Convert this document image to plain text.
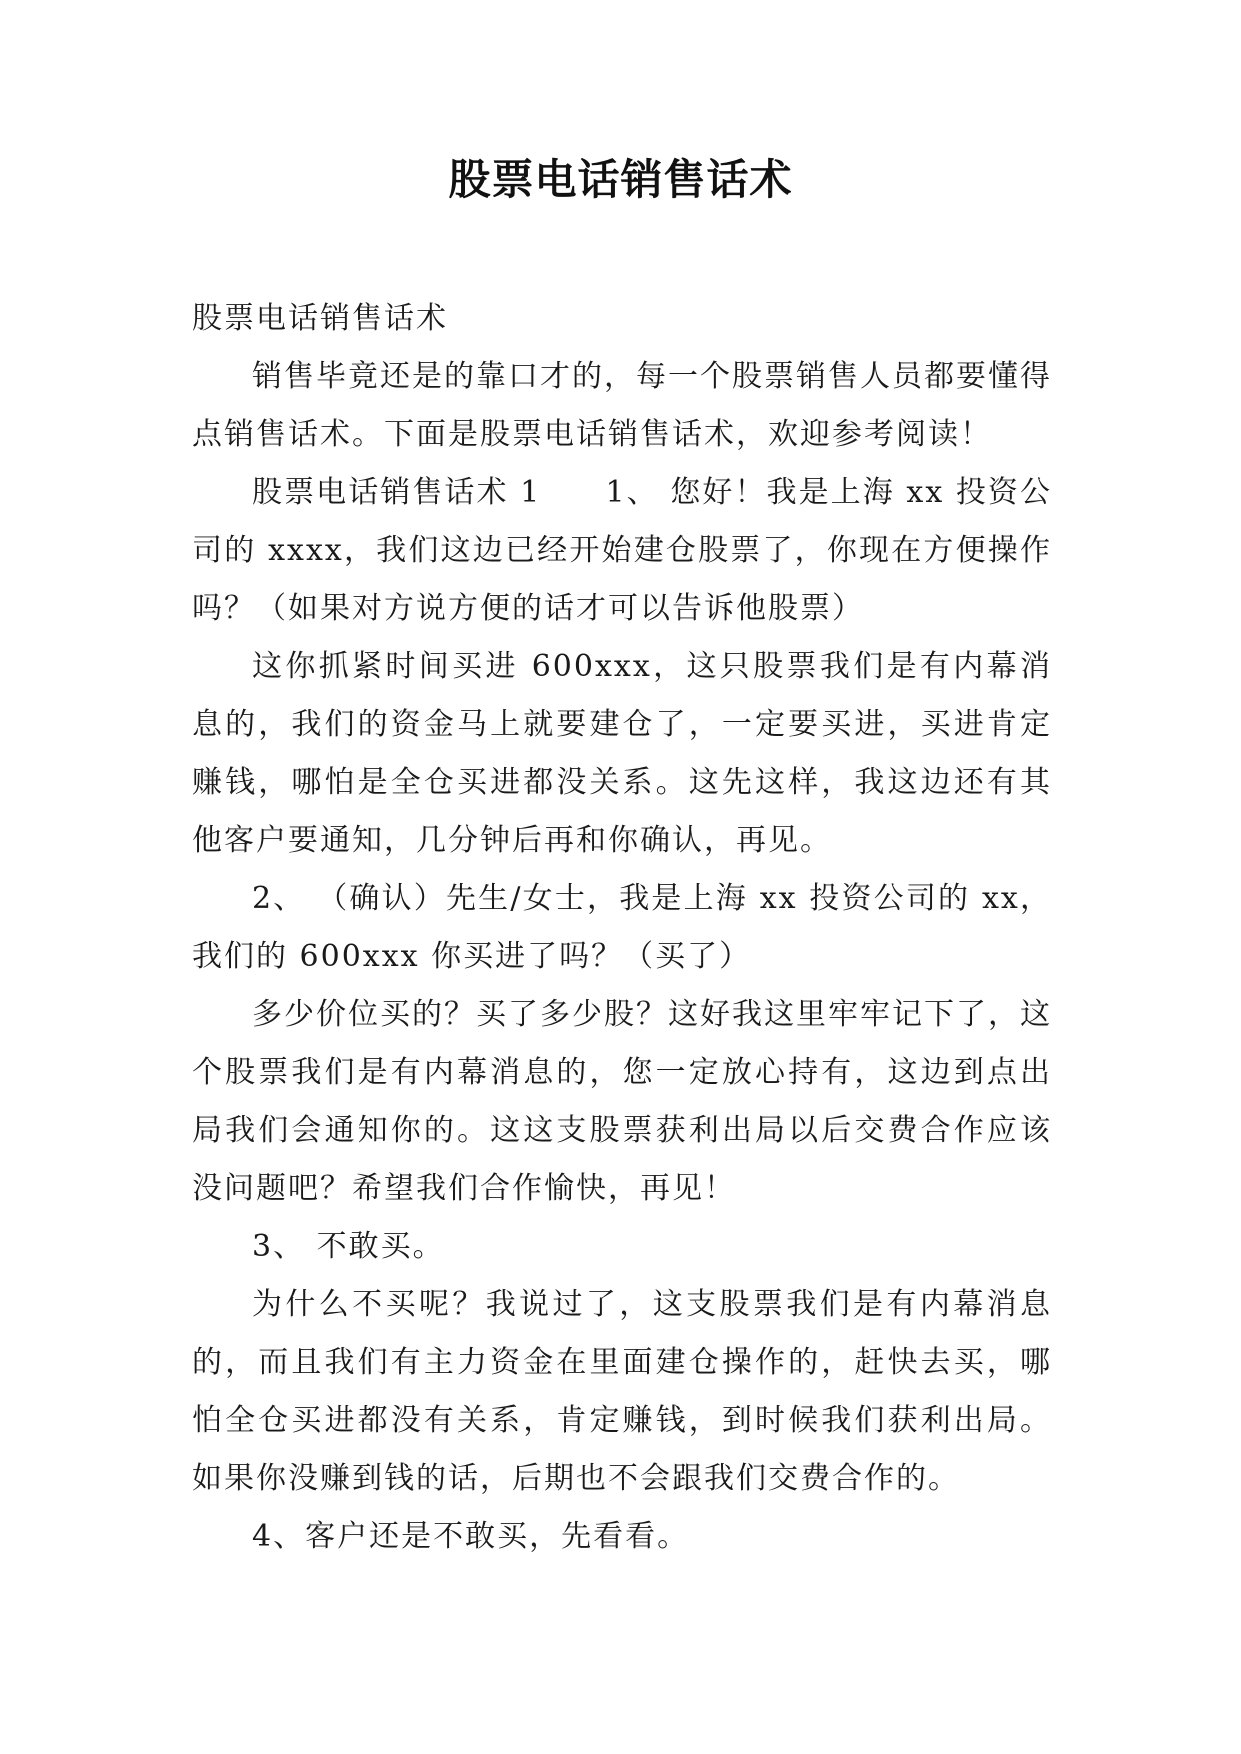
股票电话销售话术

股票电话销售话术

销售毕竟还是的靠口才的，每一个股票销售人员都要懂得点销售话术。下面是股票电话销售话术，欢迎参考阅读！

股票电话销售话术 1　　1、 您好！我是上海 xx 投资公司的 xxxx，我们这边已经开始建仓股票了，你现在方便操作吗？（如果对方说方便的话才可以告诉他股票）

这你抓紧时间买进 600xxx，这只股票我们是有内幕消息的，我们的资金马上就要建仓了，一定要买进，买进肯定赚钱，哪怕是全仓买进都没关系。这先这样，我这边还有其他客户要通知，几分钟后再和你确认，再见。

2、 （确认）先生/女士，我是上海 xx 投资公司的 xx，我们的 600xxx 你买进了吗？（买了）

多少价位买的？买了多少股？这好我这里牢牢记下了，这个股票我们是有内幕消息的，您一定放心持有，这边到点出局我们会通知你的。这这支股票获利出局以后交费合作应该没问题吧？希望我们合作愉快，再见！

3、 不敢买。

为什么不买呢？我说过了，这支股票我们是有内幕消息的，而且我们有主力资金在里面建仓操作的，赶快去买，哪怕全仓买进都没有关系，肯定赚钱，到时候我们获利出局。如果你没赚到钱的话，后期也不会跟我们交费合作的。

4、客户还是不敢买，先看看。
